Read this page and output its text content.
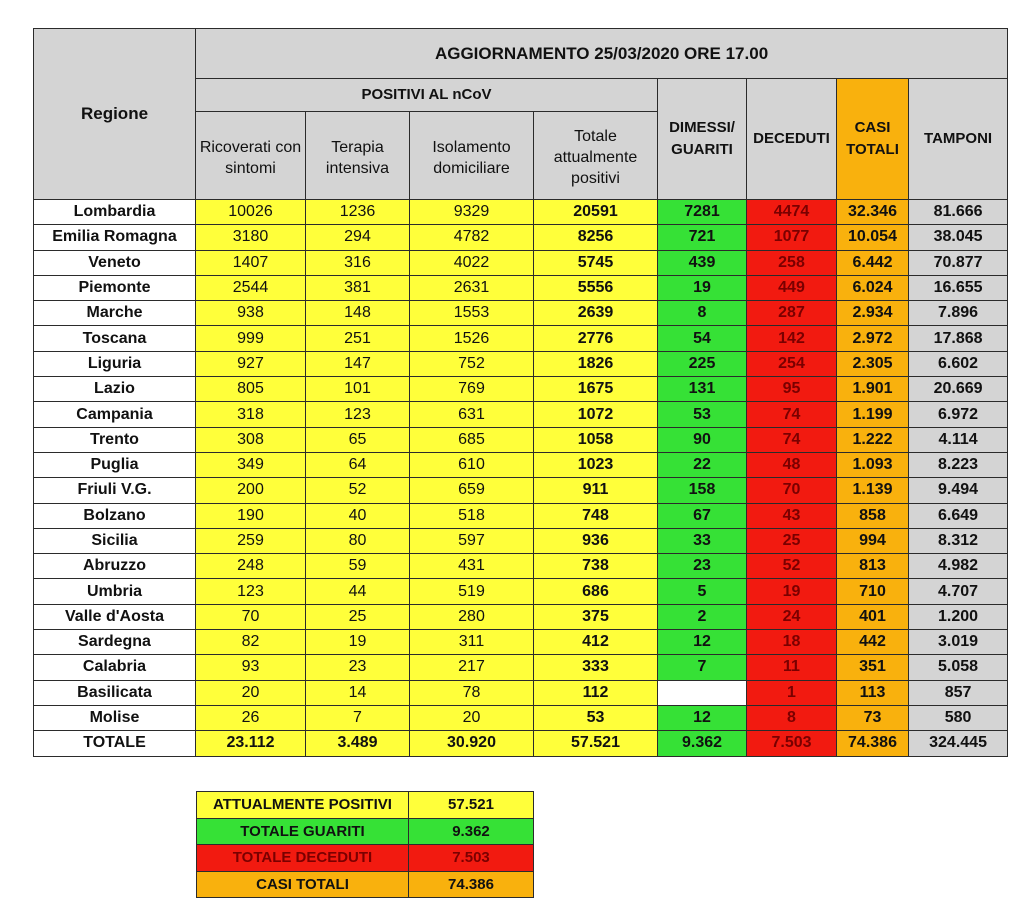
Regione	AGGIORNAMENTO 25/03/2020 ORE 17.00							
	POSITIVI AL nCoV				DIMESSI/ GUARITI	DECEDUTI	CASI TOTALI	TAMPONI
	Ricoverati con sintomi	Terapia intensiva	Isolamento domiciliare	Totale attualmente positivi				
Lombardia	10026	1236	9329	20591	7281	4474	32.346	81.666
Emilia Romagna	3180	294	4782	8256	721	1077	10.054	38.045
Veneto	1407	316	4022	5745	439	258	6.442	70.877
Piemonte	2544	381	2631	5556	19	449	6.024	16.655
Marche	938	148	1553	2639	8	287	2.934	7.896
Toscana	999	251	1526	2776	54	142	2.972	17.868
Liguria	927	147	752	1826	225	254	2.305	6.602
Lazio	805	101	769	1675	131	95	1.901	20.669
Campania	318	123	631	1072	53	74	1.199	6.972
Trento	308	65	685	1058	90	74	1.222	4.114
Puglia	349	64	610	1023	22	48	1.093	8.223
Friuli V.G.	200	52	659	911	158	70	1.139	9.494
Bolzano	190	40	518	748	67	43	858	6.649
Sicilia	259	80	597	936	33	25	994	8.312
Abruzzo	248	59	431	738	23	52	813	4.982
Umbria	123	44	519	686	5	19	710	4.707
Valle d'Aosta	70	25	280	375	2	24	401	1.200
Sardegna	82	19	311	412	12	18	442	3.019
Calabria	93	23	217	333	7	11	351	5.058
Basilicata	20	14	78	112		1	113	857
Molise	26	7	20	53	12	8	73	580
TOTALE	23.112	3.489	30.920	57.521	9.362	7.503	74.386	324.445
ATTUALMENTE POSITIVI	57.521
TOTALE GUARITI	9.362
TOTALE DECEDUTI	7.503
CASI TOTALI	74.386
